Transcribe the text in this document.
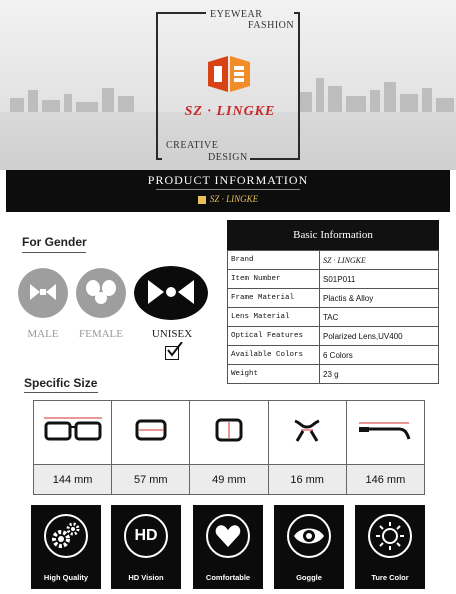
EYEWEAR
FASHION
CREATIVE
DESIGN
SZ · LINGKE
PRODUCT INFORMATION
SZ · LINGKE
For Gender
MALE	FEMALE	UNISEX
Basic Information
Brand	SZ · LINGKE
Item Number	S01P011
Frame Material	Plactis & Alloy
Lens Material	TAC
Optical Features	Polarized Lens,UV400
Available Colors	6 Colors
Weight	23 g
Specific Size

144 mm	57 mm	49 mm	16 mm	146 mm
High Quality
HD
HD Vision	Comfortable	Goggle	Ture Color
